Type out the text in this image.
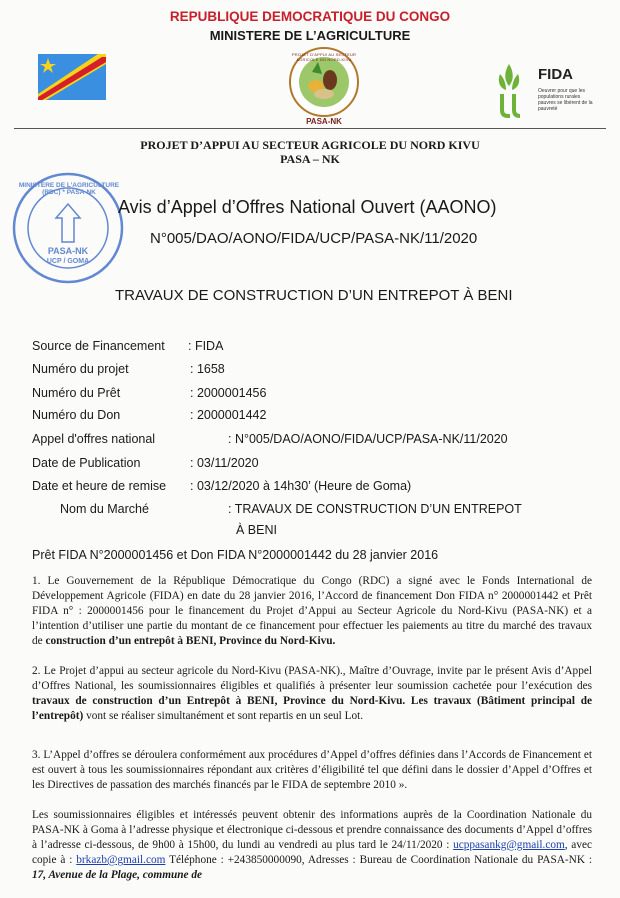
REPUBLIQUE DEMOCRATIQUE DU CONGO
MINISTERE DE L’AGRICULTURE
PASA-NK
PROJET D’APPUI AU SECTEUR AGRICOLE DU NORD-KIVU
FIDA
Oeuvrer pour que les populations rurales pauvres se libèrent de la pauvreté
PROJET D’APPUI AU SECTEUR AGRICOLE DU NORD KIVU
PASA – NK
MINISTERE DE L’AGRICULTURE (RDC) * PASA-NK
PASA-NK
UCP / GOMA
Avis d’Appel d’Offres National Ouvert (AAONO)
N°005/DAO/AONO/FIDA/UCP/PASA-NK/11/2020
TRAVAUX DE CONSTRUCTION D’UN ENTREPOT À BENI
Source de Financement : FIDA
Numéro du projet	: 1658
Numéro du Prêt	: 2000001456
Numéro du Don	: 2000001442
Appel d'offres national	: N°005/DAO/AONO/FIDA/UCP/PASA-NK/11/2020
Date de Publication	: 03/11/2020
Date et heure de remise : 03/12/2020 à 14h30’ (Heure de Goma)
Nom du Marché	: TRAVAUX DE CONSTRUCTION D’UN ENTREPOT
À BENI
Prêt FIDA N°2000001456 et Don FIDA N°2000001442 du 28 janvier 2016

1. Le Gouvernement de la République Démocratique du Congo (RDC) a signé avec le Fonds International de Développement Agricole (FIDA) en date du 28 janvier 2016, l’Accord de financement Don FIDA n° 2000001442 et Prêt FIDA n° : 2000001456 pour le financement du Projet d’Appui au Secteur Agricole du Nord-Kivu (PASA-NK) et a l’intention d’utiliser une partie du montant de ce financement pour effectuer les paiements au titre du marché des travaux de construction d’un entrepôt à BENI, Province du Nord-Kivu.

2. Le Projet d’appui au secteur agricole du Nord-Kivu (PASA-NK)., Maître d’Ouvrage, invite par le présent Avis d’Appel d’Offres National, les soumissionnaires éligibles et qualifiés à présenter leur soumission cachetée pour l’exécution des travaux de construction d’un Entrepôt à BENI, Province du Nord-Kivu. Les travaux (Bâtiment principal de l’entrepôt) vont se réaliser simultanément et sont repartis en un seul Lot.

3. L’Appel d’offres se déroulera conformément aux procédures d’Appel d’offres définies dans l’Accords de Financement et est ouvert à tous les soumissionnaires répondant aux critères d’éligibilité tel que défini dans le dossier d’Appel d’Offres et les Directives de passation des marchés financés par le FIDA de septembre 2010 ».

Les soumissionnaires éligibles et intéressés peuvent obtenir des informations auprès de la Coordination Nationale du PASA-NK à Goma à l’adresse physique et électronique ci-dessous et prendre connaissance des documents d’Appel d’offres à l’adresse ci-dessous, de 9h00 à 15h00, du lundi au vendredi au plus tard le 24/11/2020 : ucppasankg@gmail.com, avec copie à : brkazb@gmail.com Téléphone : +243850000090, Adresses : Bureau de Coordination Nationale du PASA-NK : 17, Avenue de la Plage, commune de
